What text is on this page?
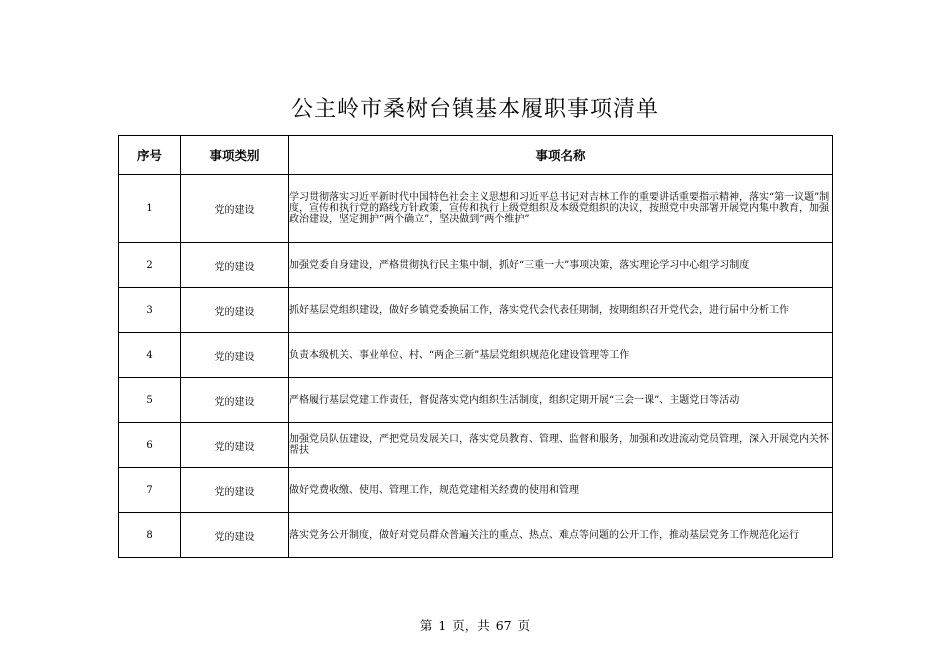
公主岭市桑树台镇基本履职事项清单
序号	事项类别	事项名称
1	党的建设	学习贯彻落实习近平新时代中国特色社会主义思想和习近平总书记对吉林工作的重要讲话重要指示精神，落实“第一议题”制度，宣传和执行党的路线方针政策，宣传和执行上级党组织及本级党组织的决议，按照党中央部署开展党内集中教育，加强政治建设，坚定拥护“两个确立”，坚决做到“两个维护”
2	党的建设	加强党委自身建设，严格贯彻执行民主集中制，抓好“三重一大”事项决策，落实理论学习中心组学习制度
3	党的建设	抓好基层党组织建设，做好乡镇党委换届工作，落实党代会代表任期制，按期组织召开党代会，进行届中分析工作
4	党的建设	负责本级机关、事业单位、村、“两企三新”基层党组织规范化建设管理等工作
5	党的建设	严格履行基层党建工作责任，督促落实党内组织生活制度，组织定期开展“三会一课”、主题党日等活动
6	党的建设	加强党员队伍建设，严把党员发展关口，落实党员教育、管理、监督和服务，加强和改进流动党员管理，深入开展党内关怀帮扶
7	党的建设	做好党费收缴、使用、管理工作，规范党建相关经费的使用和管理
8	党的建设	落实党务公开制度，做好对党员群众普遍关注的重点、热点、难点等问题的公开工作，推动基层党务工作规范化运行
第 1 页，共 67 页
